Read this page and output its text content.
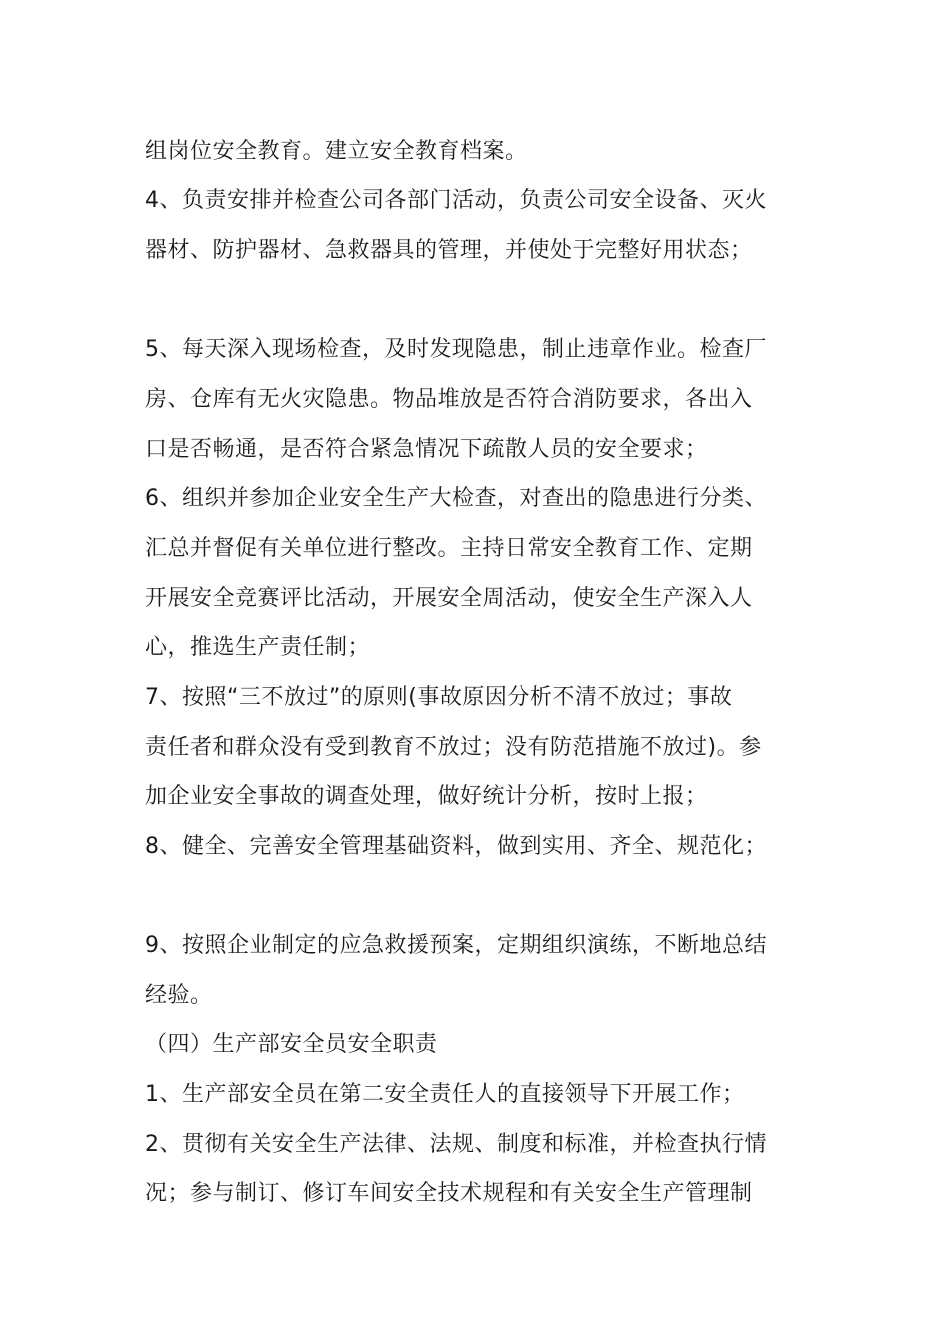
组岗位安全教育。建立安全教育档案。
4、负责安排并检查公司各部门活动，负责公司安全设备、灭火
器材、防护器材、急救器具的管理，并使处于完整好用状态；
5、每天深入现场检查，及时发现隐患，制止违章作业。检查厂
房、仓库有无火灾隐患。物品堆放是否符合消防要求，各出入
口是否畅通，是否符合紧急情况下疏散人员的安全要求；
6、组织并参加企业安全生产大检查，对查出的隐患进行分类、
汇总并督促有关单位进行整改。主持日常安全教育工作、定期
开展安全竞赛评比活动，开展安全周活动，使安全生产深入人
心，推选生产责任制；
7、按照“三不放过”的原则(事故原因分析不清不放过；事故
责任者和群众没有受到教育不放过；没有防范措施不放过)。参
加企业安全事故的调查处理，做好统计分析，按时上报；
8、健全、完善安全管理基础资料，做到实用、齐全、规范化；
9、按照企业制定的应急救援预案，定期组织演练，不断地总结
经验。
（四）生产部安全员安全职责
1、生产部安全员在第二安全责任人的直接领导下开展工作；
2、贯彻有关安全生产法律、法规、制度和标准，并检查执行情
况；参与制订、修订车间安全技术规程和有关安全生产管理制
